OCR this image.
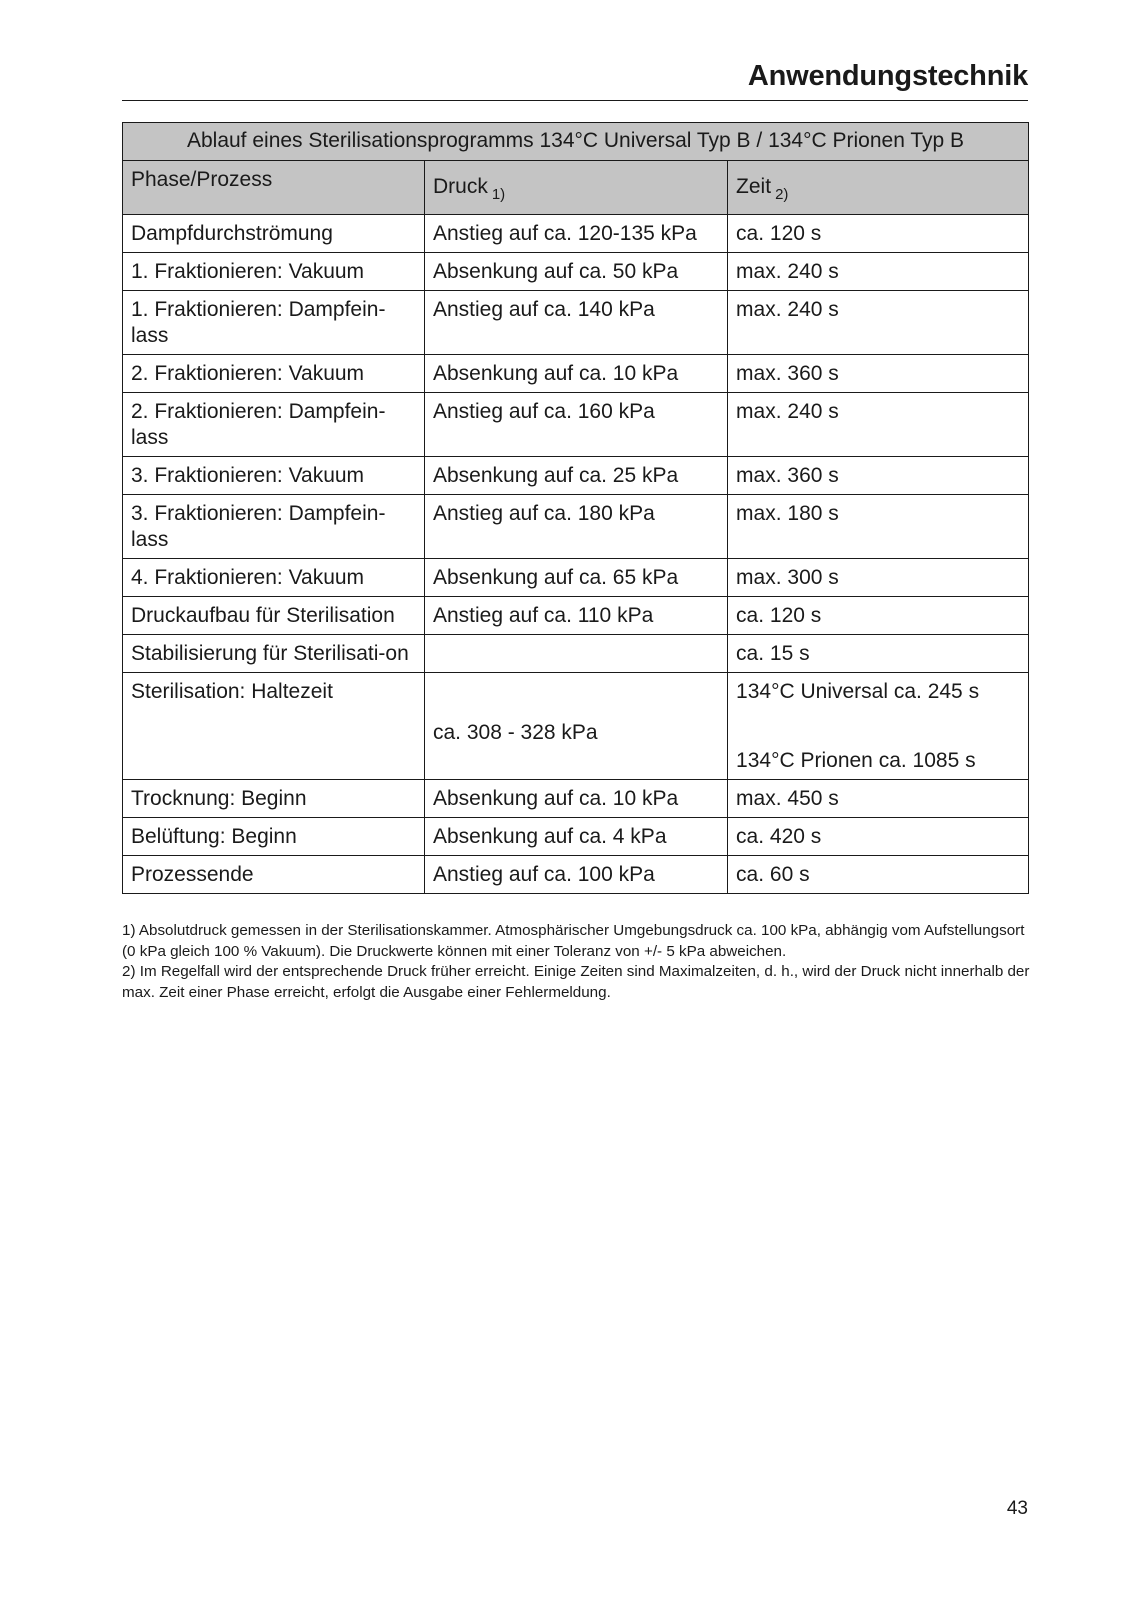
Anwendungstechnik
Ablauf eines Sterilisationsprogramms 134°C Universal Typ B / 134°C Prionen Typ B		
Phase/Prozess	Druck $_{1)}$	Zeit $_{2)}$
Dampfdurchströmung	Anstieg auf ca. 120-135 kPa	ca. 120 s
1. Fraktionieren: Vakuum	Absenkung auf ca. 50 kPa	max. 240 s
1. Fraktionieren: Dampfein-lass	Anstieg auf ca. 140 kPa	max. 240 s
2. Fraktionieren: Vakuum	Absenkung auf ca. 10 kPa	max. 360 s
2. Fraktionieren: Dampfein-lass	Anstieg auf ca. 160 kPa	max. 240 s
3. Fraktionieren: Vakuum	Absenkung auf ca. 25 kPa	max. 360 s
3. Fraktionieren: Dampfein-lass	Anstieg auf ca. 180 kPa	max. 180 s
4. Fraktionieren: Vakuum	Absenkung auf ca. 65 kPa	max. 300 s
Druckaufbau für Sterilisation	Anstieg auf ca. 110 kPa	ca. 120 s
Stabilisierung für Sterilisati-on		ca. 15 s
Sterilisation: Haltezeit	ca. 308 - 328 kPa	134°C Universal ca. 245 s
134°C Prionen ca. 1085 s

Trocknung: Beginn	Absenkung auf ca. 10 kPa	max. 450 s
Belüftung: Beginn	Absenkung auf ca. 4 kPa	ca. 420 s
Prozessende	Anstieg auf ca. 100 kPa	ca. 60 s

1) Absolutdruck gemessen in der Sterilisationskammer. Atmosphärischer Umgebungsdruck ca. 100 kPa, abhängig vom Aufstellungsort (0 kPa gleich 100 % Vakuum). Die Druckwerte können mit einer Toleranz von +/- 5 kPa abweichen.

2) Im Regelfall wird der entsprechende Druck früher erreicht. Einige Zeiten sind Maximalzeiten, d. h., wird der Druck nicht innerhalb der max. Zeit einer Phase erreicht, erfolgt die Ausgabe einer Fehlermeldung.

43
